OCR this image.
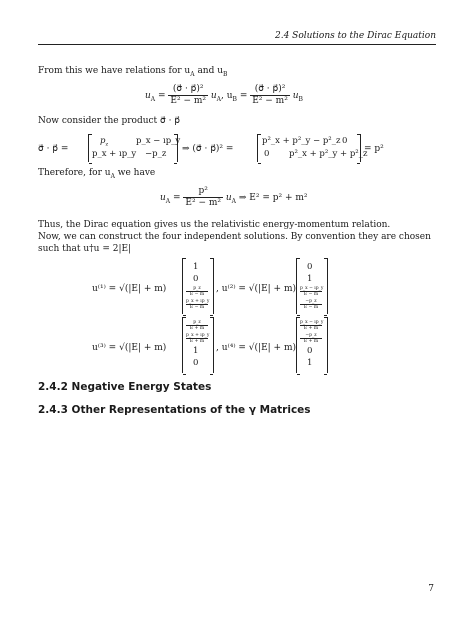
2.4 Solutions to the Dirac Equation
From this we have relations for $u_A$ and $u_B$
$u_A = \frac{\text{(σ⃗ · p⃗)²}}{\text{E² − m²}} u_A$, $u_B = \frac{\text{(σ⃗ · p⃗)²}}{\text{E² − m²}} u_B$
Now consider the product σ⃗ · p⃗
σ⃗ · p⃗ =
$p_z$	p_x − ıp_y
p_x + ıp_y −p_z ⇒ (σ⃗ · p⃗)² =
p²_x + p²_y − p²_z 0
0 p²_x + p²_y + p²_z
= p²
Therefore, for $u_A$ we have
$u_A = \frac{\text{p²}}{\text{E² − m²}} u_A$ ⇒ E² = p² + m²
Thus, the Dirac equation gives us the relativistic energy-momentum relation.
Now, we can construct the four independent solutions. By convention they are chosen
such that u†u = 2|E|
u⁽¹⁾ = √(|E| + m)
1
0
p_z
E − m
p_x + ıp_y
E − m
, u⁽²⁾ = √(|E| + m)
0
1
p_x − ıp_y
E − m
−p_z
E − m
u⁽³⁾ = √(|E| + m)
p_z
E + m
p_x + ıp_y
E + m
1
0
, u⁽⁴⁾ = √(|E| + m)
p_x − ıp_y
E + m
−p_z
E + m
0
1
2.4.2 Negative Energy States
2.4.3 Other Representations of the γ Matrices
7
